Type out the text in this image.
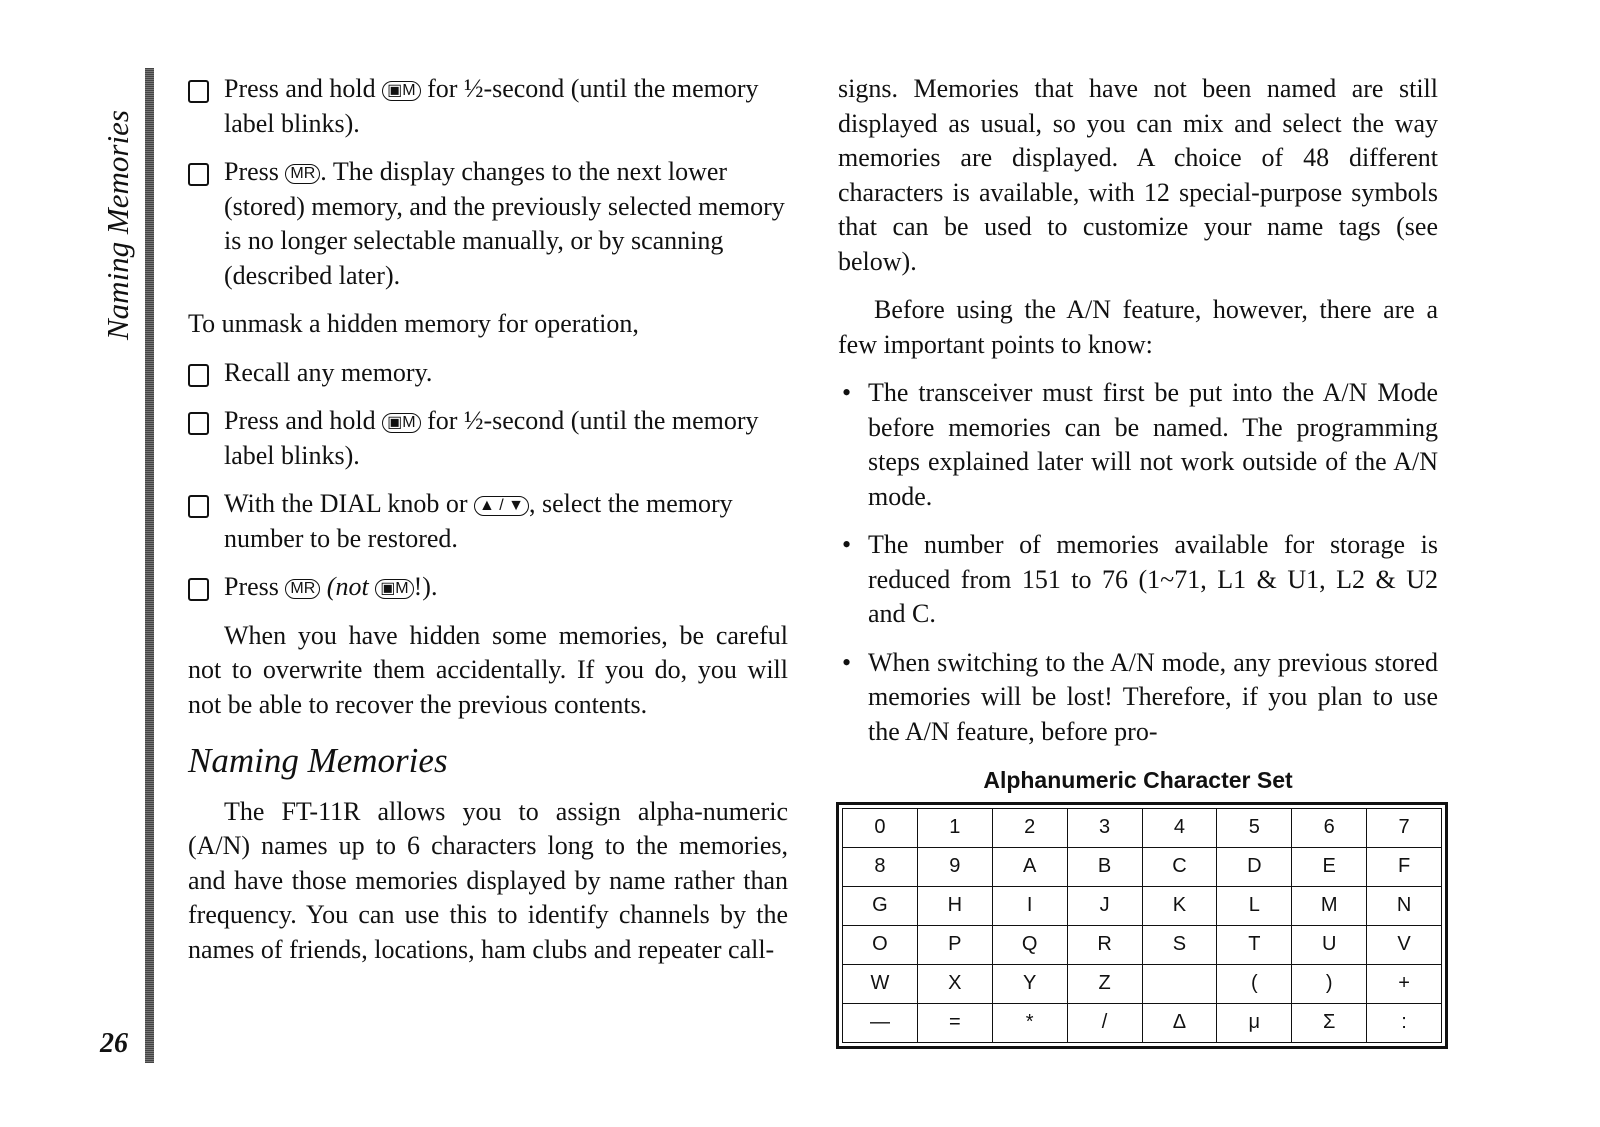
Naming Memories
26
Press and hold ▣M for ½-second (until the memory label blinks).
Press MR . The display changes to the next lower (stored) memory, and the previously selected memory is no longer selectable manually, or by scanning (described later).

To unmask a hidden memory for operation,

Recall any memory.
Press and hold ▣M for ½-second (until the memory label blinks).
With the DIAL knob or ▲ / ▼ , select the memory number to be restored.
Press MR (not ▣M !).

When you have hidden some memories, be careful not to overwrite them accidentally. If you do, you will not be able to recover the previous contents.

Naming Memories

The FT-11R allows you to assign alpha-numeric (A/N) names up to 6 characters long to the memories, and have those memories displayed by name rather than frequency. You can use this to identify channels by the names of friends, locations, ham clubs and repeater call-

signs. Memories that have not been named are still displayed as usual, so you can mix and select the way memories are displayed. A choice of 48 different characters is available, with 12 special-purpose symbols that can be used to customize your name tags (see below).

Before using the A/N feature, however, there are a few important points to know:

• The transceiver must first be put into the A/N Mode before memories can be named. The programming steps explained later will not work outside of the A/N mode.
• The number of memories available for storage is reduced from 151 to 76 (1~71, L1 & U1, L2 & U2 and C.
• When switching to the A/N mode, any previous stored memories will be lost! Therefore, if you plan to use the A/N feature, before pro-
Alphanumeric Character Set
0	1	2	3	4	5	6	7
8	9	A	B	C	D	E	F
G	H	I	J	K	L	M	N
O	P	Q	R	S	T	U	V
W	X	Y	Z		(	)	+
—	=	*	/	Δ	μ	Σ	:
